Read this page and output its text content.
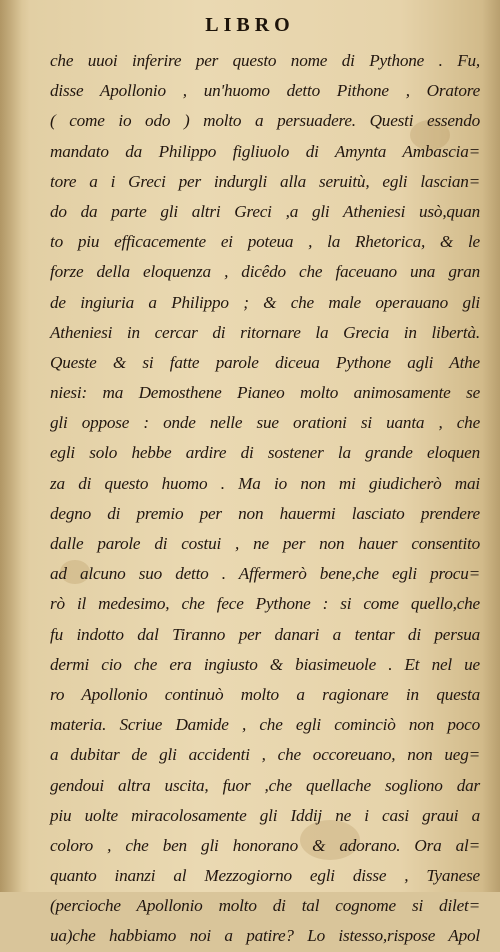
LIBRO
che uuoi inferire per questo nome di Pythone . Fu,
disse Apollonio , un'huomo detto Pithone , Oratore
( come io odo ) molto a persuadere. Questi essendo
mandato da Philippo figliuolo di Amynta Ambascia=
tore a i Greci per indurgli alla seruitù, egli lascian=
do da parte gli altri Greci ,a gli Atheniesi usò,quan
to piu efficacemente ei poteua , la Rhetorica, & le
forze della eloquenza , dicêdo che faceuano una gran
de ingiuria a Philippo ; & che male operauano gli
Atheniesi in cercar di ritornare la Grecia in libertà.
Queste & si fatte parole diceua Pythone agli Athe
niesi: ma Demosthene Pianeo molto animosamente se
gli oppose : onde nelle sue orationi si uanta , che
egli solo hebbe ardire di sostener la grande eloquen
za di questo huomo . Ma io non mi giudicherò mai
degno di premio per non hauermi lasciato prendere
dalle parole di costui , ne per non hauer consentito
ad alcuno suo detto . Affermerò bene,che egli procu=
rò il medesimo, che fece Pythone : si come quello,che
fu indotto dal Tiranno per danari a tentar di persua
dermi cio che era ingiusto & biasimeuole . Et nel ue
ro Apollonio continuò molto a ragionare in questa
materia. Scriue Damide , che egli cominciò non poco
a dubitar de gli accidenti , che occoreuano, non ueg=
gendoui altra uscita, fuor ,che quellache sogliono dar
piu uolte miracolosamente gli Iddij ne i casi graui a
coloro , che ben gli honorano & adorano. Ora al=
quanto inanzi al Mezzogiorno egli disse , Tyanese
(percioche Apollonio molto di tal cognome si dilet=
ua)che habbiamo noi a patire? Lo istesso,rispose Apol
